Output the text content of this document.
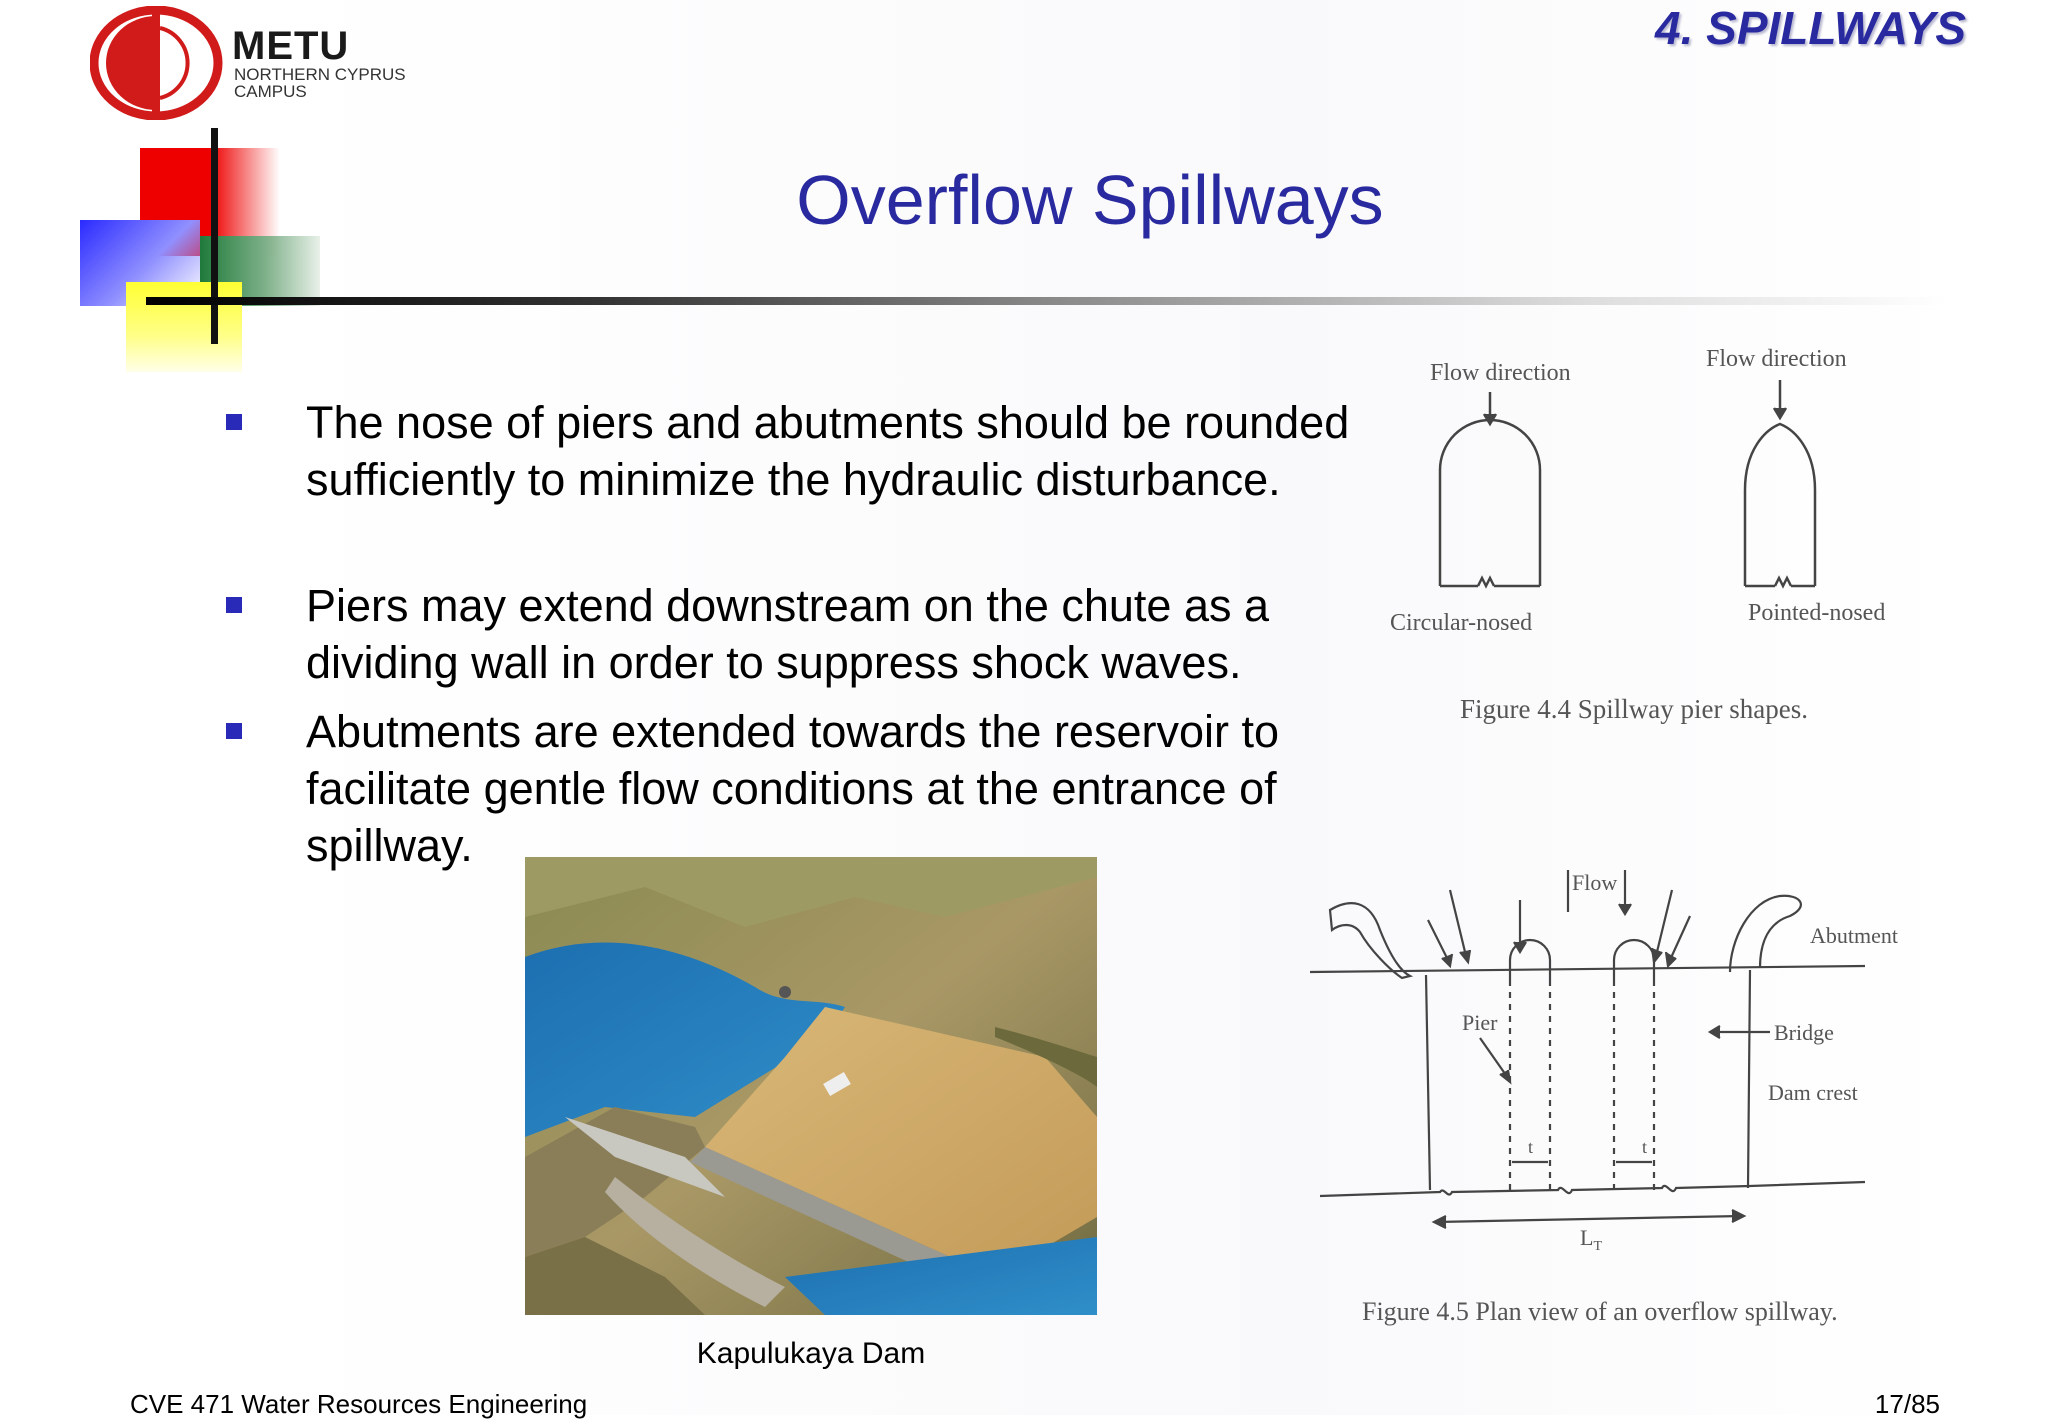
METU
NORTHERN CYPRUS
CAMPUS
4. SPILLWAYS
Overflow Spillways
The nose of piers and abutments should be rounded sufficiently to minimize the hydraulic disturbance.
Piers may extend downstream on the chute as a dividing wall in order to suppress shock waves.
Abutments are extended towards the reservoir to facilitate gentle flow conditions at the entrance of spillway.
Kapulukaya Dam
Flow direction
Flow direction
Circular-nosed	Pointed-nosed
Figure 4.4 Spillway pier shapes.
Flow
Abutment
Pier	Bridge
Dam crest
t	t
$L_T$
Figure 4.5 Plan view of an overflow spillway.
CVE 471 Water Resources Engineering	17/85
